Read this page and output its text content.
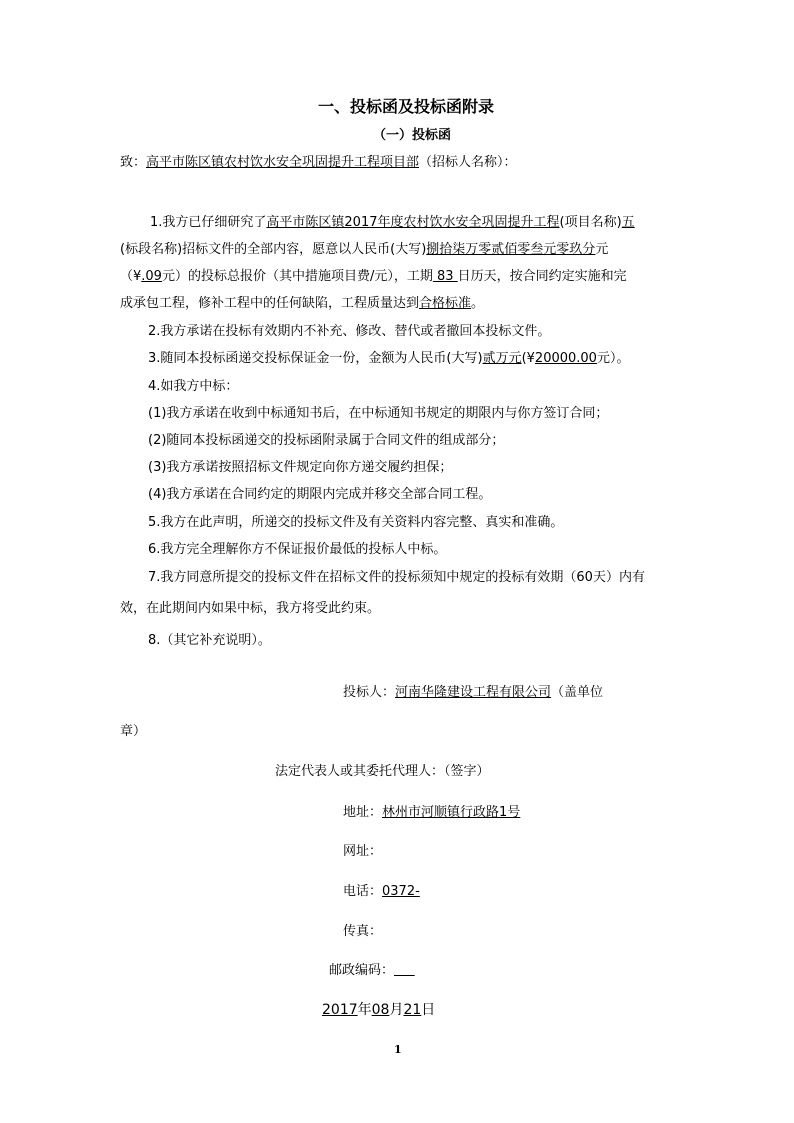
一、投标函及投标函附录
（一）投标函
致：高平市陈区镇农村饮水安全巩固提升工程项目部（招标人名称）：
1.我方已仔细研究了高平市陈区镇2017年度农村饮水安全巩固提升工程(项目名称)五
(标段名称)招标文件的全部内容，愿意以人民币(大写)捌拾柒万零贰佰零叁元零玖分元
（¥.09元）的投标总报价（其中措施项目费/元），工期 83 日历天，按合同约定实施和完
成承包工程，修补工程中的任何缺陷，工程质量达到合格标准。
2.我方承诺在投标有效期内不补充、修改、替代或者撤回本投标文件。
3.随同本投标函递交投标保证金一份，金额为人民币(大写)贰万元(¥20000.00元）。
4.如我方中标：
(1)我方承诺在收到中标通知书后，在中标通知书规定的期限内与你方签订合同；
(2)随同本投标函递交的投标函附录属于合同文件的组成部分；
(3)我方承诺按照招标文件规定向你方递交履约担保；
(4)我方承诺在合同约定的期限内完成并移交全部合同工程。
5.我方在此声明，所递交的投标文件及有关资料内容完整、真实和准确。
6.我方完全理解你方不保证报价最低的投标人中标。
7.我方同意所提交的投标文件在招标文件的投标须知中规定的投标有效期（60天）内有
效，在此期间内如果中标，我方将受此约束。
8.（其它补充说明）。
投标人：河南华隆建设工程有限公司（盖单位
章）
法定代表人或其委托代理人：（签字）
地址：林州市河顺镇行政路1号
网址：
电话：0372-
传真：
邮政编码：
2017年08月21日
1
